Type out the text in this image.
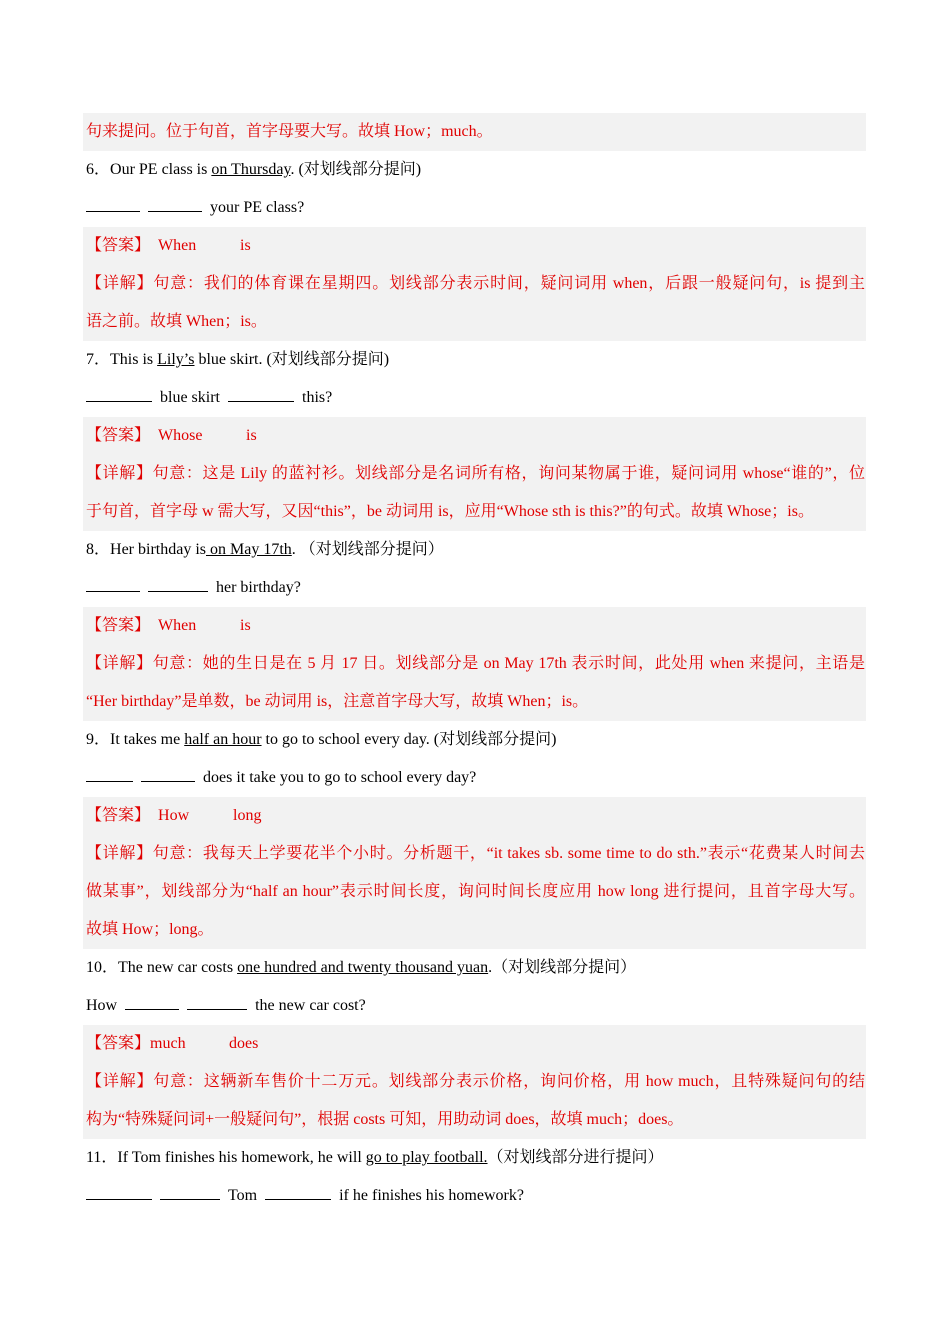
句来提问。位于句首，首字母要大写。故填 How；much。
6．Our PE class is on Thursday. (对划线部分提问)
your PE class?
【答案】 When	is
【详解】句意：我们的体育课在星期四。划线部分表示时间，疑问词用 when，后跟一般疑问句，is 提到主
语之前。故填 When；is。
7．This is Lily’s blue skirt. (对划线部分提问)
blue skirt	this?
【答案】 Whose	is
【详解】句意：这是 Lily 的蓝衬衫。划线部分是名词所有格，询问某物属于谁，疑问词用 whose“谁的”，位
于句首，首字母 w 需大写，又因“this”，be 动词用 is，应用“Whose sth is this?”的句式。故填 Whose；is。
8．Her birthday is on May 17th. （对划线部分提问）
her birthday?
【答案】 When	is
【详解】句意：她的生日是在 5 月 17 日。划线部分是 on May 17th 表示时间，此处用 when 来提问，主语是
“Her birthday”是单数，be 动词用 is，注意首字母大写，故填 When；is。
9．It takes me half an hour to go to school every day. (对划线部分提问)
does it take you to go to school every day?
【答案】 How	long
【详解】句意：我每天上学要花半个小时。分析题干，“it takes sb. some time to do sth.”表示“花费某人时间去
做某事”，划线部分为“half an hour”表示时间长度，询问时间长度应用 how long 进行提问，且首字母大写。
故填 How；long。
10．The new car costs one hundred and twenty thousand yuan.（对划线部分提问）
How	the new car cost?
【答案】much	does
【详解】句意：这辆新车售价十二万元。划线部分表示价格，询问价格，用 how much，且特殊疑问句的结
构为“特殊疑问词+一般疑问句”，根据 costs 可知，用助动词 does，故填 much；does。
11．If Tom finishes his homework, he will go to play football.（对划线部分进行提问）
Tom	if he finishes his homework?
